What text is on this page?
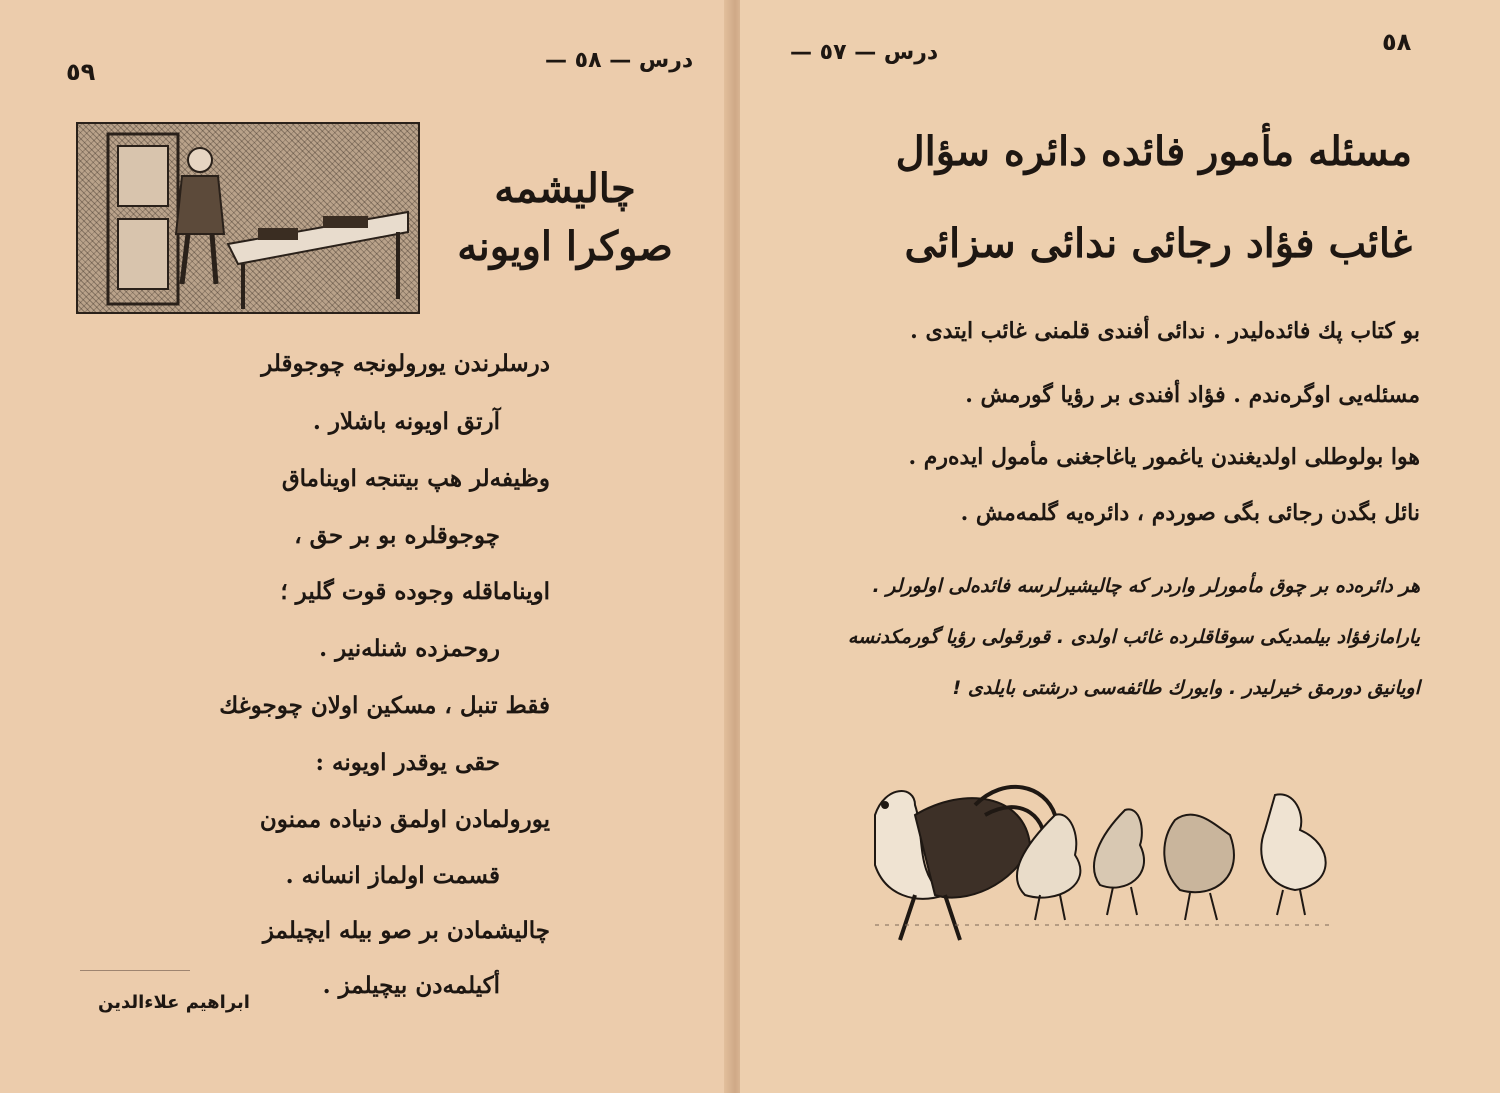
٥٩	درس — ٥٨ —
چالیشمه
صوکرا اویونه
درسلرندن یورولونجه چوجوقلر
آرتق اویونه باشلار .
وظیفه‌لر هپ بیتنجه اویناماق
چوجوقلره بو بر حق ،
اویناماقله وجوده قوت گلیر ؛
روحمزده شنله‌نیر .
فقط تنبل ، مسکین اولان چوجوغك
حقی یوقدر اویونه :
یورولمادن اولمق دنیاده ممنون
قسمت اولماز انسانه .
چالیشمادن بر صو بیله ایچیلمز
أکیلمه‌دن بیچیلمز .
ابراهیم علاءالدین
درس — ٥٧ —	٥٨
مسئله مأمور فائده دائره سؤال
غائب فؤاد رجائی ندائی سزائی
بو کتاب پك فائده‌لیدر . ندائی أفندی قلمنی غائب ایتدی .
مسئله‌یی اوگره‌ندم . فؤاد أفندی بر رؤیا گورمش .
هوا بولوطلی اولدیغندن یاغمور یاغاجغنی مأمول ایده‌رم .
نائل بگدن رجائی بگی صوردم ، دائره‌یه گلمه‌مش .
هر دائره‌ده بر چوق مأمورلر واردر که چالیشیرلرسه فائده‌لی اولورلر .
یارامازفؤاد بیلمدیکی سوقاقلرده غائب اولدی . قورقولی رؤیا گورمکدنسه
اویانیق دورمق خیرلیدر . وایورك طائفه‌سی درشتی بایلدی !
